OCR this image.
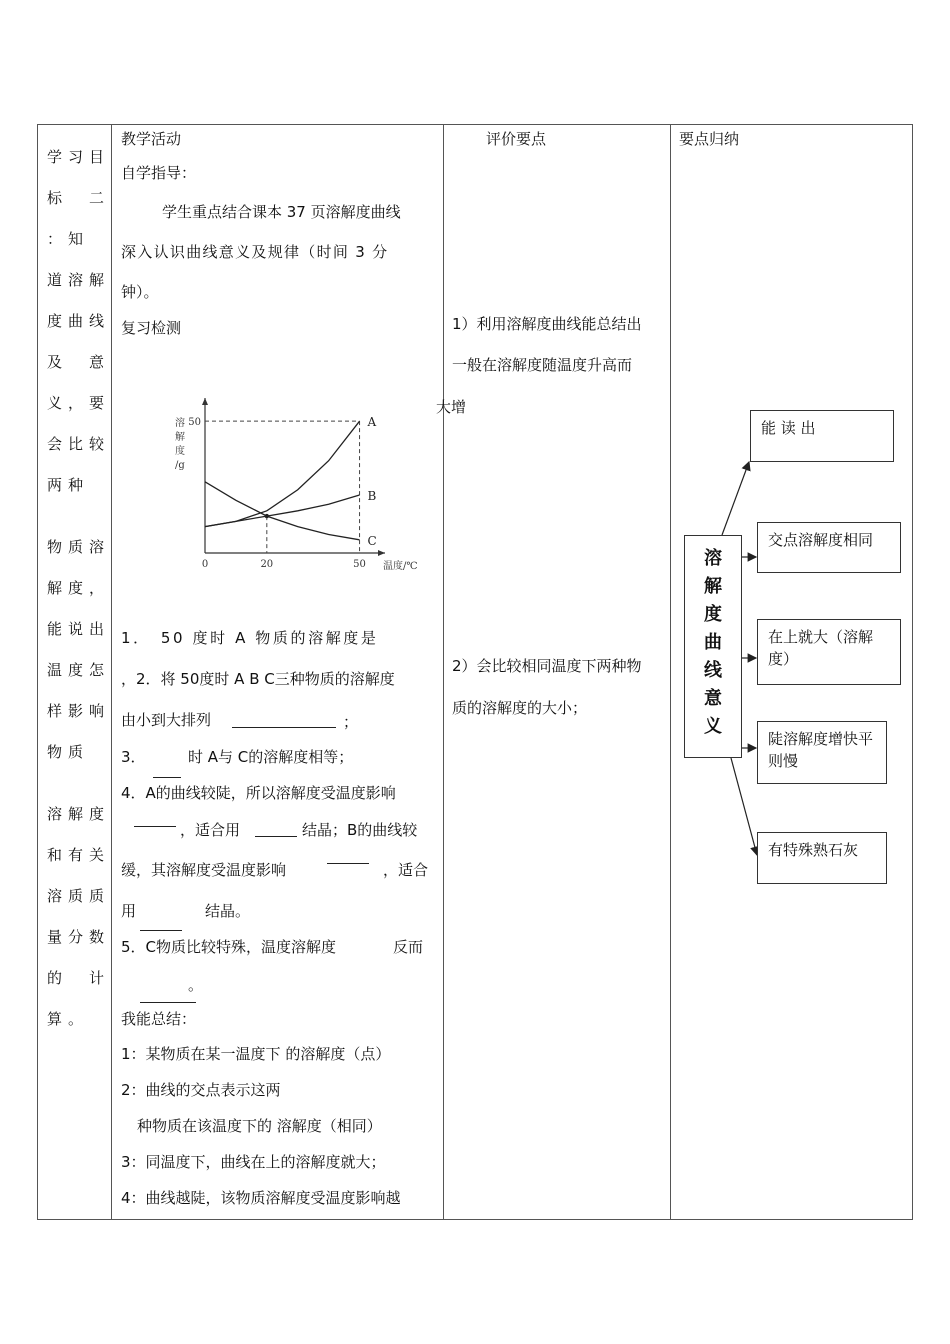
学习目
标　二
：知
道溶解
度曲线
及　意
义，要
会比较
两种
物质溶
解度，
能说出
温度怎
样影响
物质
溶解度
和有关
溶质质
量分数
的　计
算。
教学活动
自学指导：
学生重点结合课本 37 页溶解度曲线
深入认识曲线意义及规律（时间 3 分
钟）。
复习检测
0	20	50
50
温度/℃
溶
解
度
/g
A
B
C
1．　50 度时 A 物质的溶解度是
，2．将 50度时 A B C三种物质的溶解度
由小到大排列	；
3．	时 A与 C的溶解度相等；
4．A的曲线较陡，所以溶解度受温度影响
，适合用	结晶；B的曲线较
缓，其溶解度受温度影响	，适合
用	结晶。
5．C物质比较特殊，温度溶解度	反而
。
我能总结：
1：某物质在某一温度下 的溶解度（点）
2：曲线的交点表示这两
种物质在该温度下的 溶解度（相同）
3：同温度下，曲线在上的溶解度就大；
4：曲线越陡，该物质溶解度受温度影响越
评价要点
1）利用溶解度曲线能总结出
一般在溶解度随温度升高而
大增
2）会比较相同温度下两种物
质的溶解度的大小；
要点归纳
溶
解
度
曲
线
意
义
能 读 出
交点溶解度相同
在上就大（溶解度）
陡溶解度增快平则慢
有特殊熟石灰
